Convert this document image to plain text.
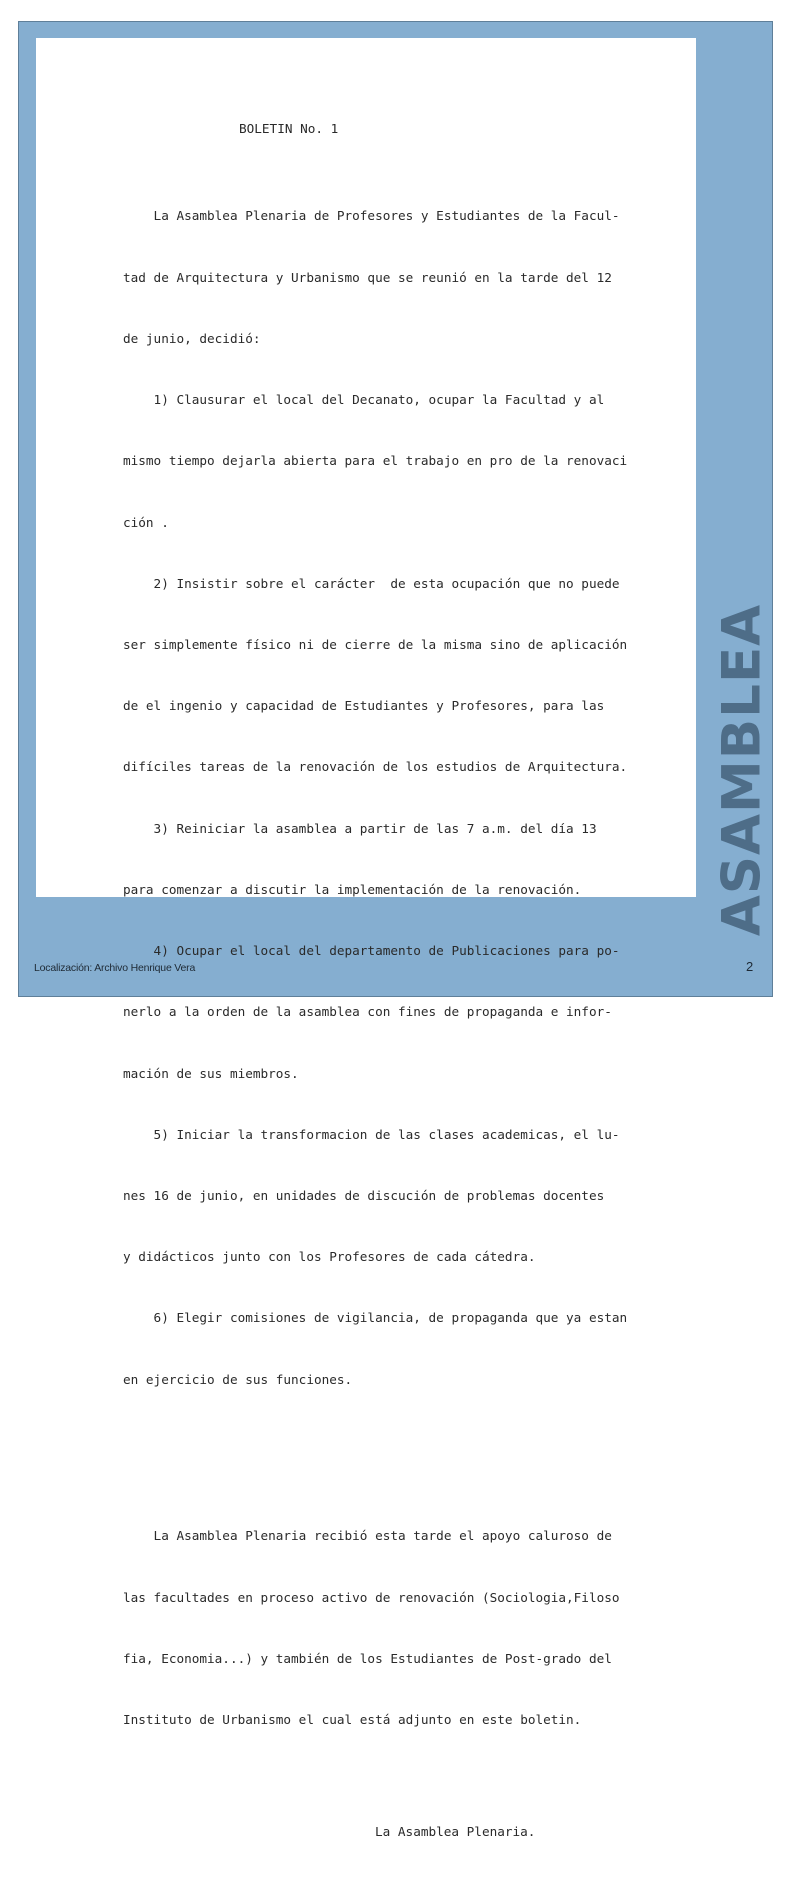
BOLETIN No. 1

La Asamblea Plenaria de Profesores y Estudiantes de la Facul-

tad de Arquitectura y Urbanismo que se reunió en la tarde del 12

de junio, decidió:

1) Clausurar el local del Decanato, ocupar la Facultad y al

mismo tiempo dejarla abierta para el trabajo en pro de la renovaci

ción .

2) Insistir sobre el carácter  de esta ocupación que no puede

ser simplemente físico ni de cierre de la misma sino de aplicación

de el ingenio y capacidad de Estudiantes y Profesores, para las

difíciles tareas de la renovación de los estudios de Arquitectura.

3) Reiniciar la asamblea a partir de las 7 a.m. del día 13

para comenzar a discutir la implementación de la renovación.

4) Ocupar el local del departamento de Publicaciones para po-

nerlo a la orden de la asamblea con fines de propaganda e infor-

mación de sus miembros.

5) Iniciar la transformacion de las clases academicas, el lu-

nes 16 de junio, en unidades de discución de problemas docentes

y didácticos junto con los Profesores de cada cátedra.

6) Elegir comisiones de vigilancia, de propaganda que ya estan

en ejercicio de sus funciones.

La Asamblea Plenaria recibió esta tarde el apoyo caluroso de

las facultades en proceso activo de renovación (Sociologia,Filoso

fia, Economia...) y también de los Estudiantes de Post-grado del

Instituto de Urbanismo el cual está adjunto en este boletin.

La Asamblea Plenaria.

ASAMBLEA
Localización: Archivo Henrique Vera	2
